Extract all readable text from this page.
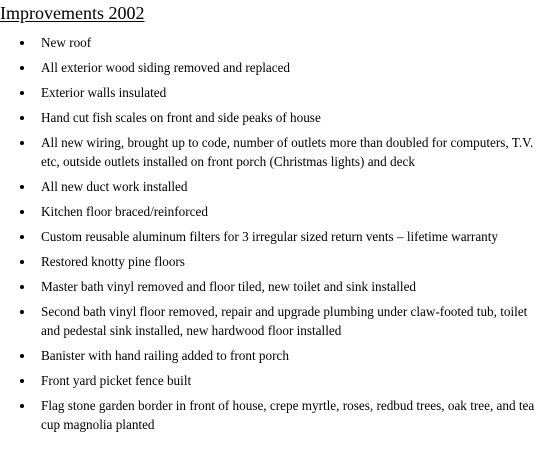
Improvements 2002
New roof
All exterior wood siding removed and replaced
Exterior walls insulated
Hand cut fish scales on front and side peaks of house
All new wiring, brought up to code, number of outlets more than doubled for computers, T.V. etc, outside outlets installed on front porch (Christmas lights) and deck
All new duct work installed
Kitchen floor braced/reinforced
Custom reusable aluminum filters for 3 irregular sized return vents – lifetime warranty
Restored knotty pine floors
Master bath vinyl removed and floor tiled, new toilet and sink installed
Second bath vinyl floor removed, repair and upgrade plumbing under claw-footed tub, toilet and pedestal sink installed, new hardwood floor installed
Banister with hand railing added to front porch
Front yard picket fence built
Flag stone garden border in front of house, crepe myrtle, roses, redbud trees, oak tree, and tea cup magnolia planted
